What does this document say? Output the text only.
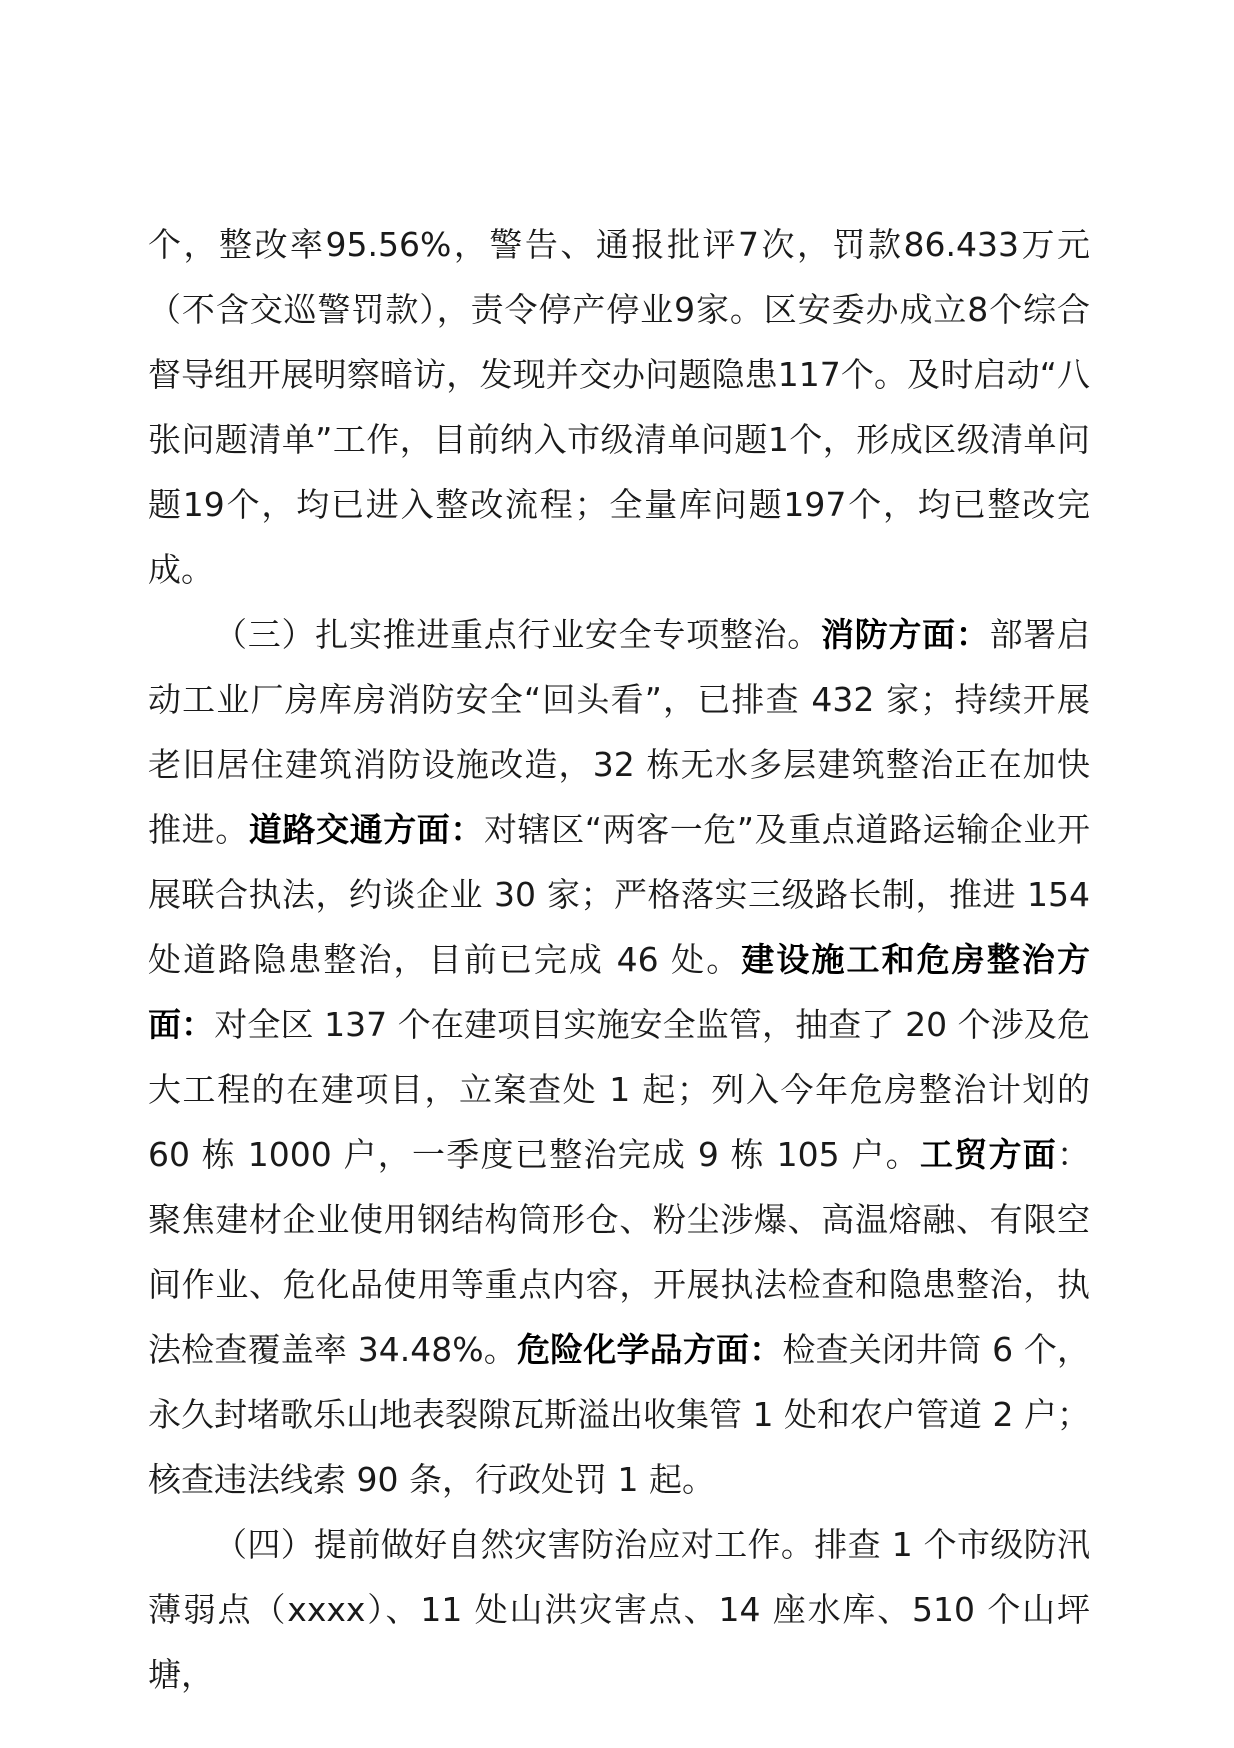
个，整改率95.56%，警告、通报批评7次，罚款86.433万元（不含交巡警罚款），责令停产停业9家。区安委办成立8个综合督导组开展明察暗访，发现并交办问题隐患117个。及时启动“八张问题清单”工作，目前纳入市级清单问题1个，形成区级清单问题19个，均已进入整改流程；全量库问题197个，均已整改完成。

（三）扎实推进重点行业安全专项整治。消防方面：部署启动工业厂房库房消防安全“回头看”，已排查 432 家；持续开展老旧居住建筑消防设施改造，32 栋无水多层建筑整治正在加快推进。道路交通方面：对辖区“两客一危”及重点道路运输企业开展联合执法，约谈企业 30 家；严格落实三级路长制，推进 154 处道路隐患整治，目前已完成 46 处。建设施工和危房整治方面：对全区 137 个在建项目实施安全监管，抽查了 20 个涉及危大工程的在建项目，立案查处 1 起；列入今年危房整治计划的 60 栋 1000 户，一季度已整治完成 9 栋 105 户。工贸方面：聚焦建材企业使用钢结构筒形仓、粉尘涉爆、高温熔融、有限空间作业、危化品使用等重点内容，开展执法检查和隐患整治，执法检查覆盖率 34.48%。危险化学品方面：检查关闭井筒 6 个，永久封堵歌乐山地表裂隙瓦斯溢出收集管 1 处和农户管道 2 户；核查违法线索 90 条，行政处罚 1 起。

（四）提前做好自然灾害防治应对工作。排查 1 个市级防汛薄弱点（xxxx）、11 处山洪灾害点、14 座水库、510 个山坪塘，
